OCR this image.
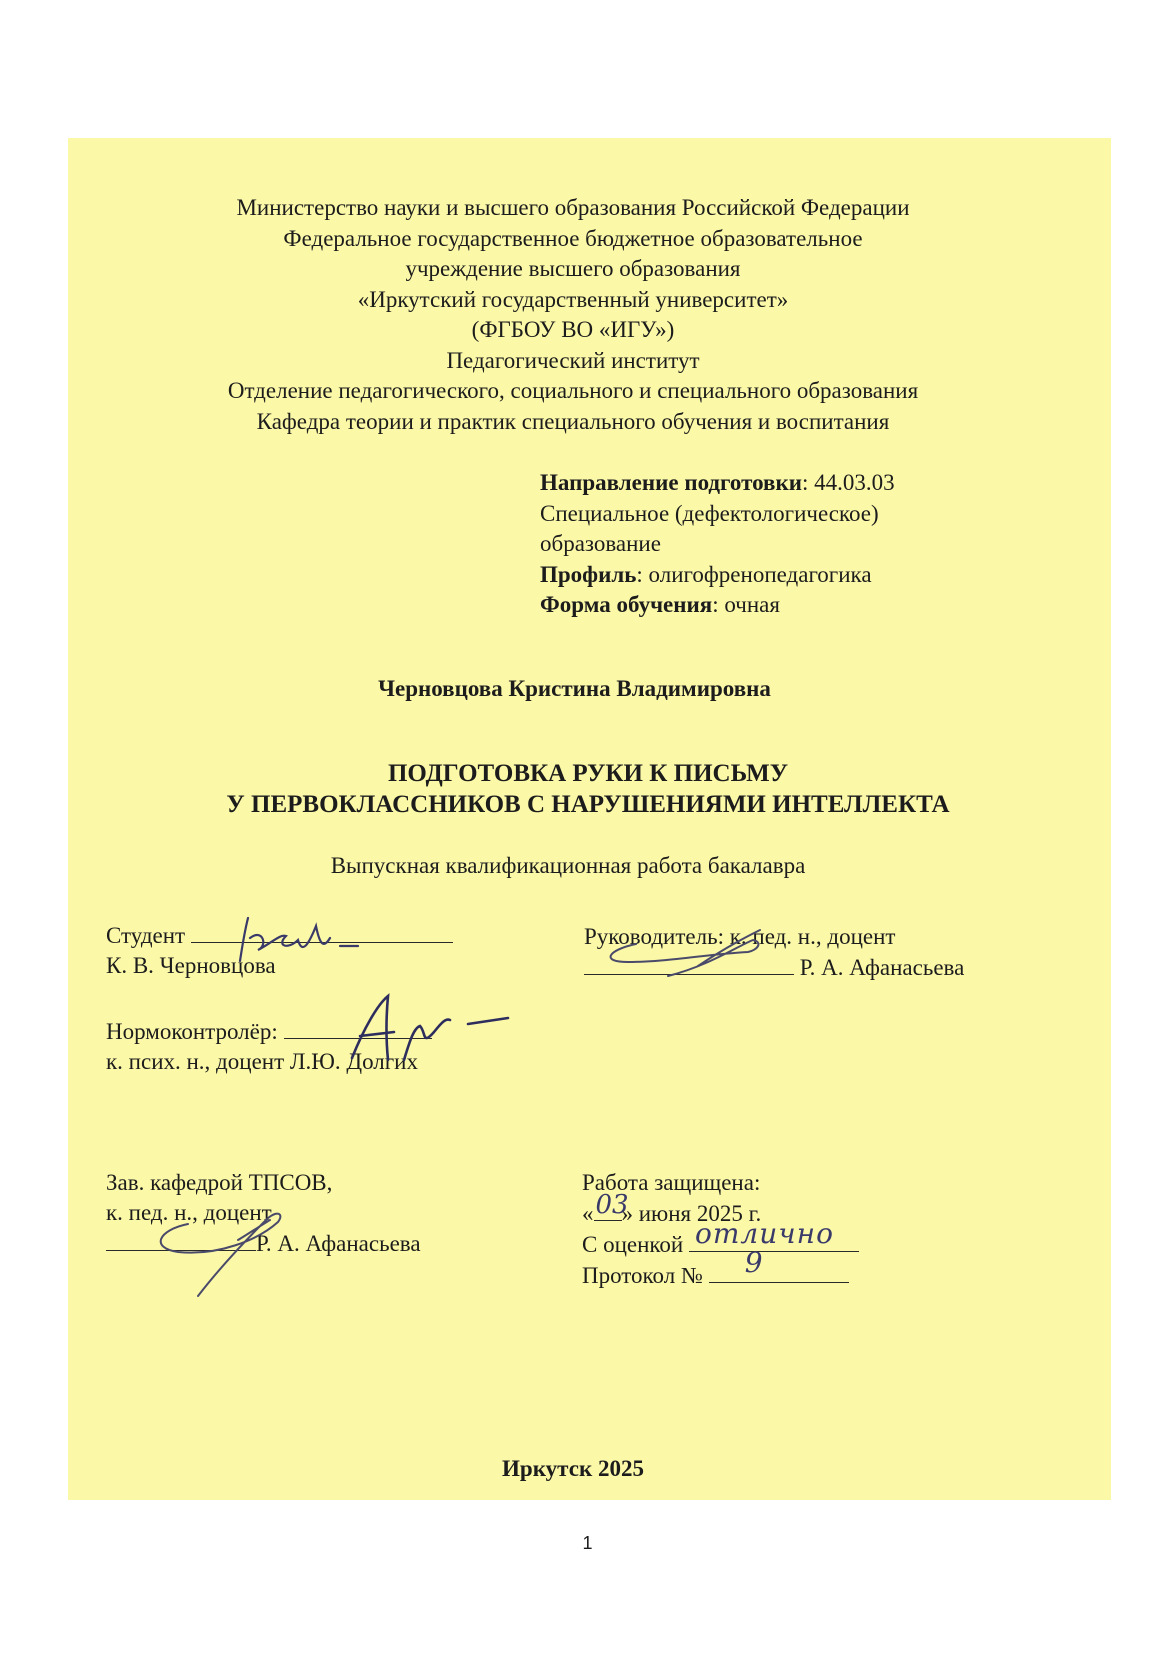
Министерство науки и высшего образования Российской Федерации
Федеральное государственное бюджетное образовательное
учреждение высшего образования
«Иркутский государственный университет»
(ФГБОУ ВО «ИГУ»)
Педагогический институт
Отделение педагогического, социального и специального образования
Кафедра теории и практик специального обучения и воспитания
Направление подготовки: 44.03.03
Специальное (дефектологическое)
образование
Профиль: олигофренопедагогика
Форма обучения: очная
Черновцова Кристина Владимировна
ПОДГОТОВКА РУКИ К ПИСЬМУ
У ПЕРВОКЛАССНИКОВ С НАРУШЕНИЯМИ ИНТЕЛЛЕКТА
Выпускная квалификационная работа бакалавра
Студент
К. В. Черновцова
Руководитель: к. пед. н., доцент
Р. А. Афанасьева
Нормоконтролёр:
к. псих. н., доцент Л.Ю. Долгих
Зав. кафедрой ТПСОВ,
к. пед. н., доцент
Р. А. Афанасьева
Работа защищена:
« 03
» июня 2025 г.
С оценкой отлично
Протокол № 9
Иркутск 2025
1
